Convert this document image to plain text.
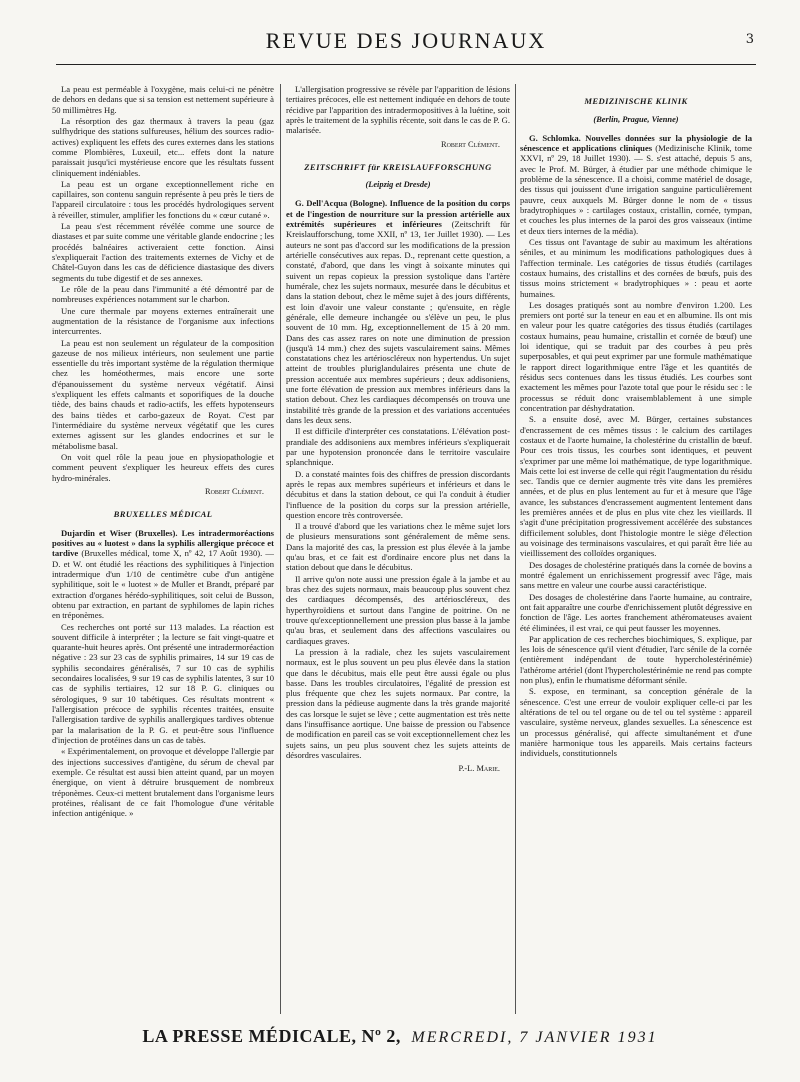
REVUE DES JOURNAUX	3

La peau est perméable à l'oxygène, mais celui-ci ne pénètre de dehors en dedans que si sa tension est nettement supérieure à 50 millimètres Hg.

La résorption des gaz thermaux à travers la peau (gaz sulfhydrique des stations sulfureuses, hélium des sources radio-actives) expliquent les effets des cures externes dans les stations comme Plombières, Luxeuil, etc... effets dont la nature paraissait jusqu'ici mystérieuse encore que les résultats fussent cliniquement indéniables.

La peau est un organe exceptionnellement riche en capillaires, son contenu sanguin représente à peu près le tiers de l'appareil circulatoire : tous les procédés hydrologiques servent à réveiller, stimuler, amplifier les fonctions du « cœur cutané ».

La peau s'est récemment révélée comme une source de diastases et par suite comme une véritable glande endocrine ; les procédés balnéaires activeraient cette fonction. Ainsi s'expliquerait l'action des traitements externes de Vichy et de Châtel-Guyon dans les cas de déficience diastasique des divers segments du tube digestif et de ses annexes.

Le rôle de la peau dans l'immunité a été démontré par de nombreuses expériences notamment sur le charbon.

Une cure thermale par moyens externes entraînerait une augmentation de la résistance de l'organisme aux infections intercurrentes.

La peau est non seulement un régulateur de la composition gazeuse de nos milieux intérieurs, non seulement une partie essentielle du très important système de la régulation thermique chez les homéothermes, mais encore une sorte d'épanouissement du système nerveux végétatif. Ainsi s'expliquent les effets calmants et soporifiques de la douche tiède, des bains chauds et radio-actifs, les effets hypotenseurs des bains tièdes et carbo-gazeux de Royat. C'est par l'intermédiaire du système nerveux végétatif que les cures externes agissent sur les glandes endocrines et sur le métabolisme basal.

On voit quel rôle la peau joue en physiopathologie et comment peuvent s'expliquer les heureux effets des cures hydro-minérales.

Robert Clément.
BRUXELLES MÉDICAL

Dujardin et Wiser (Bruxelles). Les intradermoréactions positives au « luotest » dans la syphilis allergique précoce et tardive (Bruxelles médical, tome X, nº 42, 17 Août 1930). — D. et W. ont étudié les réactions des syphilitiques à l'injection intradermique d'un 1/10 de centimètre cube d'un antigène syphilitique, soit le « luotest » de Muller et Brandt, préparé par extraction d'organes hérédo-syphilitiques, soit celui de Busson, obtenu par extraction, en partant de syphilomes de lapin riches en tréponèmes.

Ces recherches ont porté sur 113 malades. La réaction est souvent difficile à interpréter ; la lecture se fait vingt-quatre et quarante-huit heures après. Ont présenté une intradermoréaction négative : 23 sur 23 cas de syphilis primaires, 14 sur 19 cas de syphilis secondaires généralisés, 7 sur 10 cas de syphilis secondaires localisées, 9 sur 19 cas de syphilis latentes, 3 sur 10 cas de syphilis tertiaires, 12 sur 18 P. G. cliniques ou sérologiques, 9 sur 10 tabétiques. Ces résultats montrent « l'allergisation précoce de syphilis récentes traitées, ensuite l'allergisation tardive de syphilis anallergiques tardives obtenue par la malarisation de la P. G. et peut-être sous l'influence d'injection de protéines dans un cas de tabès.

« Expérimentalement, on provoque et développe l'allergie par des injections successives d'antigène, du sérum de cheval par exemple. Ce résultat est aussi bien atteint quand, par un moyen énergique, on vient à détruire brusquement de nombreux tréponèmes. Ceux-ci mettent brutalement dans l'organisme leurs protéines, réalisant de ce fait l'homologue d'une véritable infection antigénique. »

L'allergisation progressive se révèle par l'apparition de lésions tertiaires précoces, elle est nettement indiquée en dehors de toute récidive par l'apparition des intradermopositives à la luétine, soit après le traitement de la syphilis récente, soit dans le cas de P. G. malarisée.

Robert Clément.
ZEITSCHRIFT für KREISLAUFFORSCHUNG
(Leipzig et Dresde)

G. Dell'Acqua (Bologne). Influence de la position du corps et de l'ingestion de nourriture sur la pression artérielle aux extrémités supérieures et inférieures (Zeitschrift für Kreislaufforschung, tome XXII, nº 13, 1er Juillet 1930). — Les auteurs ne sont pas d'accord sur les modifications de la pression artérielle consécutives aux repas. D., reprenant cette question, a constaté, d'abord, que dans les vingt à soixante minutes qui suivent un repas copieux la pression systolique dans l'artère humérale, chez les sujets normaux, mesurée dans le décubitus et dans la station debout, chez le même sujet à des jours différents, est loin d'avoir une valeur constante ; qu'ensuite, en règle générale, elle demeure inchangée ou s'élève un peu, le plus souvent de 10 mm. Hg, exceptionnellement de 15 à 20 mm. Dans des cas assez rares on note une diminution de pression (jusqu'à 14 mm.) chez des sujets vasculairement sains. Mêmes constatations chez les artérioscléreux non hypertendus. Un sujet atteint de troubles pluriglandulaires présenta une chute de pression accentuée aux membres supérieurs ; deux addisoniens, une forte élévation de pression aux membres inférieurs dans la station debout. Chez les cardiaques décompensés on trouva une instabilité très grande de la pression et des variations accentuées dans les deux sens.

Il est difficile d'interpréter ces constatations. L'élévation post-prandiale des addisoniens aux membres inférieurs s'expliquerait par une hypotension prononcée dans le territoire vasculaire splanchnique.

D. a constaté maintes fois des chiffres de pression discordants après le repas aux membres supérieurs et inférieurs et dans le décubitus et dans la station debout, ce qui l'a conduit à étudier l'influence de la position du corps sur la pression artérielle, question encore très controversée.

Il a trouvé d'abord que les variations chez le même sujet lors de plusieurs mensurations sont généralement de même sens. Dans la majorité des cas, la pression est plus élevée à la jambe qu'au bras, et ce fait est d'ordinaire encore plus net dans la station debout que dans le décubitus.

Il arrive qu'on note aussi une pression égale à la jambe et au bras chez des sujets normaux, mais beaucoup plus souvent chez des cardiaques décompensés, des artérioscléreux, des hyperthyroïdiens et surtout dans l'angine de poitrine. On ne trouve qu'exceptionnellement une pression plus basse à la jambe qu'au bras, et seulement dans des affections vasculaires ou cardiaques graves.

La pression à la radiale, chez les sujets vasculairement normaux, est le plus souvent un peu plus élevée dans la station que dans le décubitus, mais elle peut être aussi égale ou plus basse. Dans les troubles circulatoires, l'égalité de pression est plus fréquente que chez les sujets normaux. Par contre, la pression dans la pédieuse augmente dans la très grande majorité des cas lorsque le sujet se lève ; cette augmentation est très nette dans l'insuffisance aortique. Une baisse de pression ou l'absence de modification en pareil cas se voit exceptionnellement chez les sujets sains, un peu plus souvent chez les sujets atteints de désordres vasculaires.

P.-L. Marie.
MEDIZINISCHE KLINIK
(Berlin, Prague, Vienne)

G. Schlomka. Nouvelles données sur la physiologie de la sénescence et applications cliniques (Medizinische Klinik, tome XXVI, nº 29, 18 Juillet 1930). — S. s'est attaché, depuis 5 ans, avec le Prof. M. Bürger, à étudier par une méthode chimique le problème de la sénescence. Il a choisi, comme matériel de dosage, des tissus qui jouissent d'une irrigation sanguine particulièrement pauvre, ceux auxquels M. Bürger donne le nom de « tissus bradytrophiques » : cartilages costaux, cristallin, cornée, tympan, et couches les plus internes de la paroi des gros vaisseaux (intime et deux tiers internes de la média).

Ces tissus ont l'avantage de subir au maximum les altérations séniles, et au minimum les modifications pathologiques dues à l'affection terminale. Les catégories de tissus étudiés (cartilages costaux humains, des cristallins et des cornées de bœufs, puis des tissus moins strictement « bradytrophiques » : peau et aorte humaines.

Les dosages pratiqués sont au nombre d'environ 1.200. Les premiers ont porté sur la teneur en eau et en albumine. Ils ont mis en valeur pour les quatre catégories des tissus étudiés (cartilages costaux humains, peau humaine, cristallin et cornée de bœuf) une loi identique, qui se traduit par des courbes à peu près superposables, et qui peut exprimer par une formule mathématique le rapport direct logarithmique entre l'âge et les quantités de résidus secs contenues dans les tissus étudiés. Les courbes sont exactement les mêmes pour l'azote total que pour le résidu sec : le processus se réduit donc vraisemblablement à une simple concentration par déshydratation.

S. a ensuite dosé, avec M. Bürger, certaines substances d'encrassement de ces mêmes tissus : le calcium des cartilages costaux et de l'aorte humaine, la cholestérine du cristallin de bœuf. Pour ces trois tissus, les courbes sont identiques, et peuvent s'exprimer par une même loi mathématique, de type logarithmique. Mais cette loi est inverse de celle qui régit l'augmentation du résidu sec. Tandis que ce dernier augmente très vite dans les premières années, et de plus en plus lentement au fur et à mesure que l'âge avance, les substances d'encrassement augmentent lentement dans les premières années et de plus en plus vite chez les vieillards. Il s'agit d'une précipitation progressivement accélérée des substances difficilement solubles, dont l'histologie montre le siège d'élection au voisinage des terminaisons vasculaires, et qui paraît être liée au vieillissement des colloïdes organiques.

Des dosages de cholestérine pratiqués dans la cornée de bovins a montré également un enrichissement progressif avec l'âge, mais sans mettre en valeur une courbe aussi caractéristique.

Des dosages de cholestérine dans l'aorte humaine, au contraire, ont fait apparaître une courbe d'enrichissement plutôt dégressive en fonction de l'âge. Les aortes franchement athéromateuses avaient été éliminées, il est vrai, ce qui peut fausser les moyennes.

Par application de ces recherches biochimiques, S. explique, par les lois de sénescence qu'il vient d'étudier, l'arc sénile de la cornée (entièrement indépendant de toute hypercholestérinémie) l'athérome artériel (dont l'hypercholestérinémie ne rend pas compte non plus), enfin le rhumatisme déformant sénile.

S. expose, en terminant, sa conception générale de la sénescence. C'est une erreur de vouloir expliquer celle-ci par les altérations de tel ou tel organe ou de tel ou tel système : appareil vasculaire, système nerveux, glandes sexuelles. La sénescence est un processus généralisé, qui affecte simultanément et d'une manière harmonique tous les appareils. Mais certains facteurs individuels, constitutionnels

LA PRESSE MÉDICALE, Nº 2, MERCREDI, 7 JANVIER 1931
